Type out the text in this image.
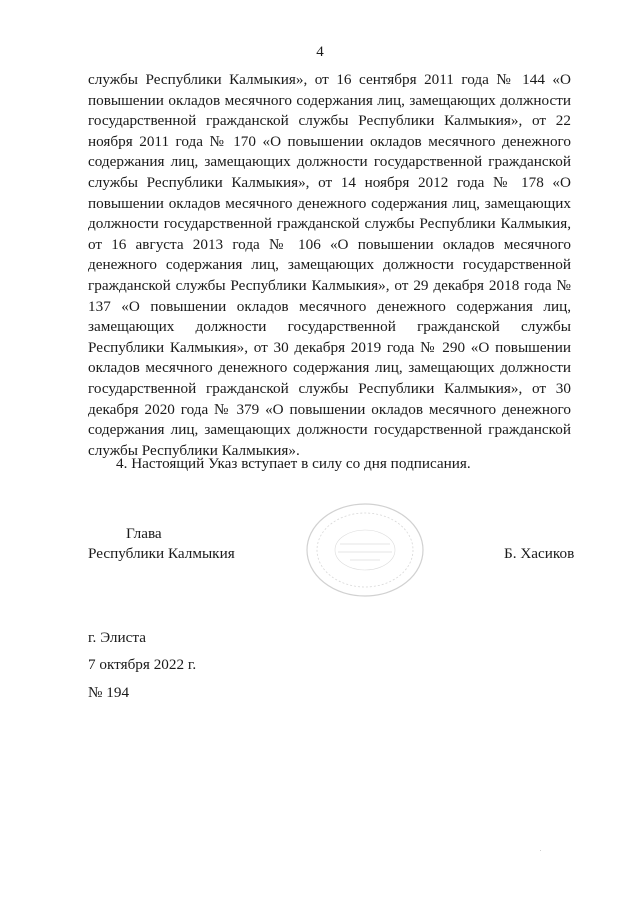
4

службы Республики Калмыкия», от 16 сентября 2011 года № 144 «О повышении окладов месячного содержания лиц, замещающих должности государственной гражданской службы Республики Калмыкия», от 22 ноября 2011 года № 170 «О повышении окладов месячного денежного содержания лиц, замещающих должности государственной гражданской службы Республики Калмыкия», от 14 ноября 2012 года № 178 «О повышении окладов месячного денежного содержания лиц, замещающих должности государственной гражданской службы Республики Калмыкия, от 16 августа 2013 года № 106 «О повышении окладов месячного денежного содержания лиц, замещающих должности государственной гражданской службы Республики Калмыкия», от 29 декабря 2018 года № 137 «О повышении окладов месячного денежного содержания лиц, замещающих должности государственной гражданской службы Республики Калмыкия», от 30 декабря 2019 года № 290 «О повышении окладов месячного денежного содержания лиц, замещающих должности государственной гражданской службы Республики Калмыкия», от 30 декабря 2020 года № 379 «О повышении окладов месячного денежного содержания лиц, замещающих должности государственной гражданской службы Республики Калмыкия».

4. Настоящий Указ вступает в силу со дня подписания.

Глава
Республики Калмыкия	Б. Хасиков
г. Элиста
7 октября 2022 г.
№ 194
